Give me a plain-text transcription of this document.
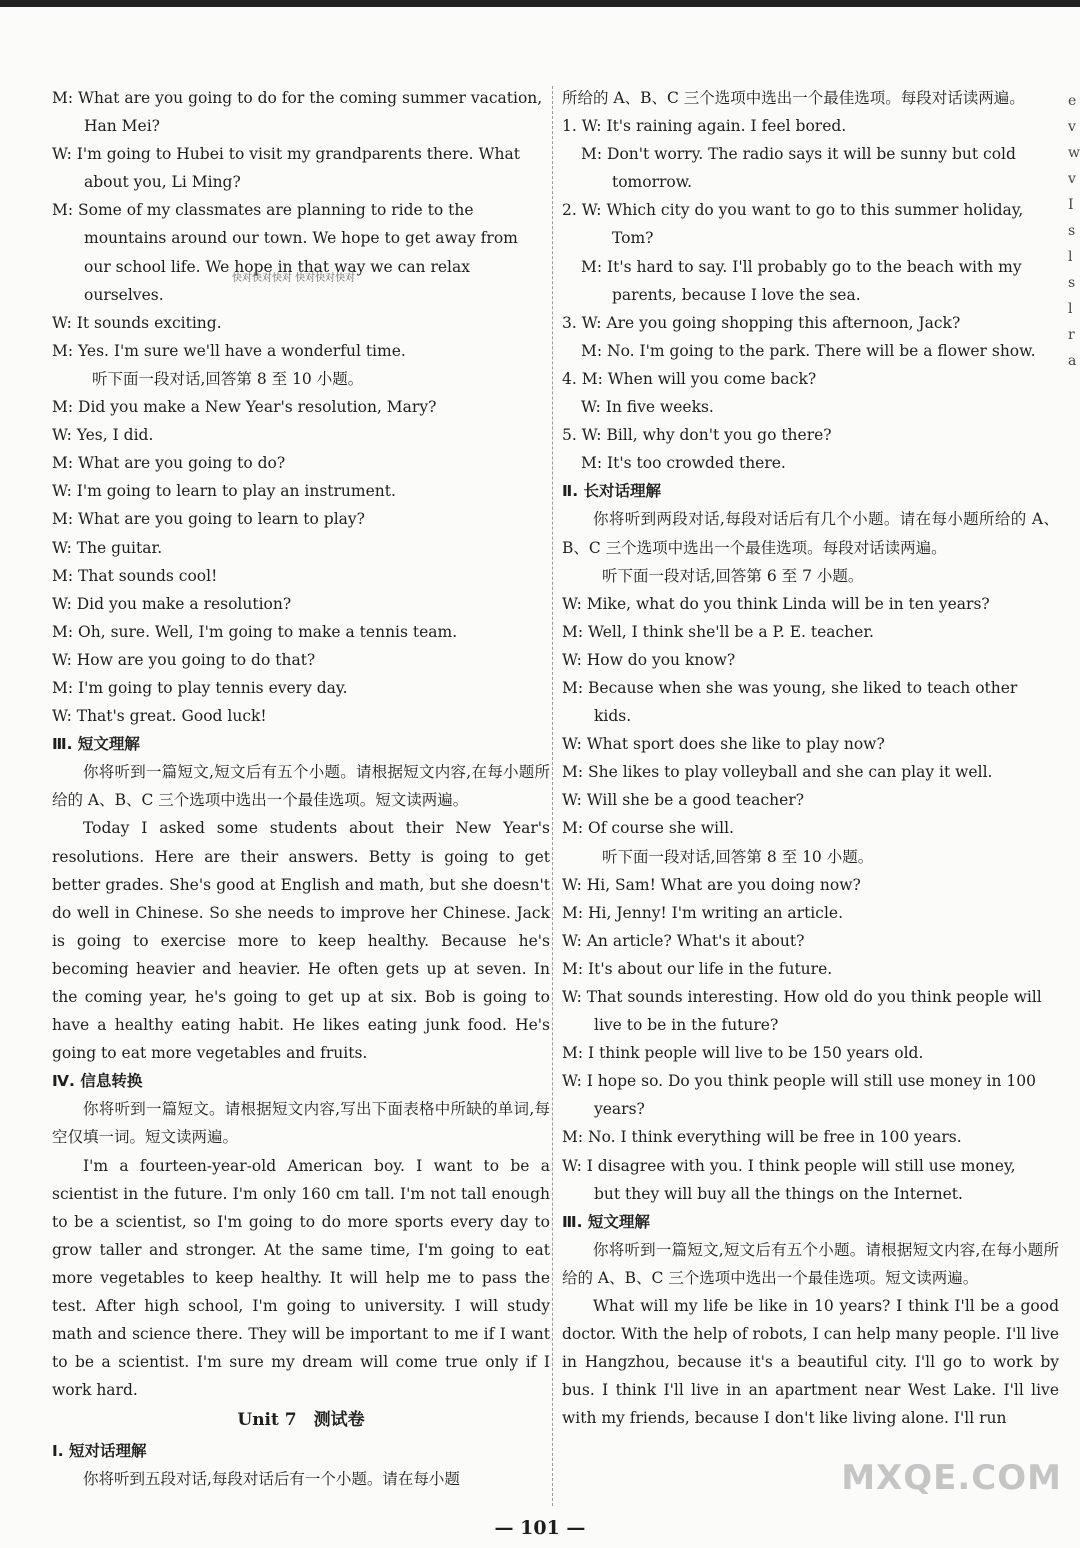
M: What are you going to do for the coming summer vacation,
Han Mei?
W: I'm going to Hubei to visit my grandparents there. What
about you, Li Ming?
M: Some of my classmates are planning to ride to the
mountains around our town. We hope to get away from
our school life. We hope in that way we can relax
ourselves.
W: It sounds exciting.
M: Yes. I'm sure we'll have a wonderful time.
听下面一段对话,回答第 8 至 10 小题。
M: Did you make a New Year's resolution, Mary?
W: Yes, I did.
M: What are you going to do?
W: I'm going to learn to play an instrument.
M: What are you going to learn to play?
W: The guitar.
M: That sounds cool!
W: Did you make a resolution?
M: Oh, sure. Well, I'm going to make a tennis team.
W: How are you going to do that?
M: I'm going to play tennis every day.
W: That's great. Good luck!
Ⅲ. 短文理解
你将听到一篇短文,短文后有五个小题。请根据短文内容,在每小题所给的 A、B、C 三个选项中选出一个最佳选项。短文读两遍。
Today I asked some students about their New Year's resolutions. Here are their answers. Betty is going to get better grades. She's good at English and math, but she doesn't do well in Chinese. So she needs to improve her Chinese. Jack is going to exercise more to keep healthy. Because he's becoming heavier and heavier. He often gets up at seven. In the coming year, he's going to get up at six. Bob is going to have a healthy eating habit. He likes eating junk food. He's going to eat more vegetables and fruits.
Ⅳ. 信息转换
你将听到一篇短文。请根据短文内容,写出下面表格中所缺的单词,每空仅填一词。短文读两遍。
I'm a fourteen-year-old American boy. I want to be a scientist in the future. I'm only 160 cm tall. I'm not tall enough to be a scientist, so I'm going to do more sports every day to grow taller and stronger. At the same time, I'm going to eat more vegetables to keep healthy. It will help me to pass the test. After high school, I'm going to university. I will study math and science there. They will be important to me if I want to be a scientist. I'm sure my dream will come true only if I work hard.
Unit 7　测试卷
Ⅰ. 短对话理解
你将听到五段对话,每段对话后有一个小题。请在每小题
所给的 A、B、C 三个选项中选出一个最佳选项。每段对话读两遍。
1. W: It's raining again. I feel bored.
M: Don't worry. The radio says it will be sunny but cold
tomorrow.
2. W: Which city do you want to go to this summer holiday,
Tom?
M: It's hard to say. I'll probably go to the beach with my
parents, because I love the sea.
3. W: Are you going shopping this afternoon, Jack?
M: No. I'm going to the park. There will be a flower show.
4. M: When will you come back?
W: In five weeks.
5. W: Bill, why don't you go there?
M: It's too crowded there.
Ⅱ. 长对话理解
你将听到两段对话,每段对话后有几个小题。请在每小题所给的 A、B、C 三个选项中选出一个最佳选项。每段对话读两遍。
听下面一段对话,回答第 6 至 7 小题。
W: Mike, what do you think Linda will be in ten years?
M: Well, I think she'll be a P. E. teacher.
W: How do you know?
M: Because when she was young, she liked to teach other
kids.
W: What sport does she like to play now?
M: She likes to play volleyball and she can play it well.
W: Will she be a good teacher?
M: Of course she will.
听下面一段对话,回答第 8 至 10 小题。
W: Hi, Sam! What are you doing now?
M: Hi, Jenny! I'm writing an article.
W: An article? What's it about?
M: It's about our life in the future.
W: That sounds interesting. How old do you think people will
live to be in the future?
M: I think people will live to be 150 years old.
W: I hope so. Do you think people will still use money in 100
years?
M: No. I think everything will be free in 100 years.
W: I disagree with you. I think people will still use money,
but they will buy all the things on the Internet.
Ⅲ. 短文理解
你将听到一篇短文,短文后有五个小题。请根据短文内容,在每小题所给的 A、B、C 三个选项中选出一个最佳选项。短文读两遍。
What will my life be like in 10 years? I think I'll be a good doctor. With the help of robots, I can help many people. I'll live in Hangzhou, because it's a beautiful city. I'll go to work by bus. I think I'll live in an apartment near West Lake. I'll live with my friends, because I don't like living alone. I'll run
e
v
w
v
I
s
l
s
l
r
a
快对快对快对 快对快对快对
MXQE.COM
— 101 —
